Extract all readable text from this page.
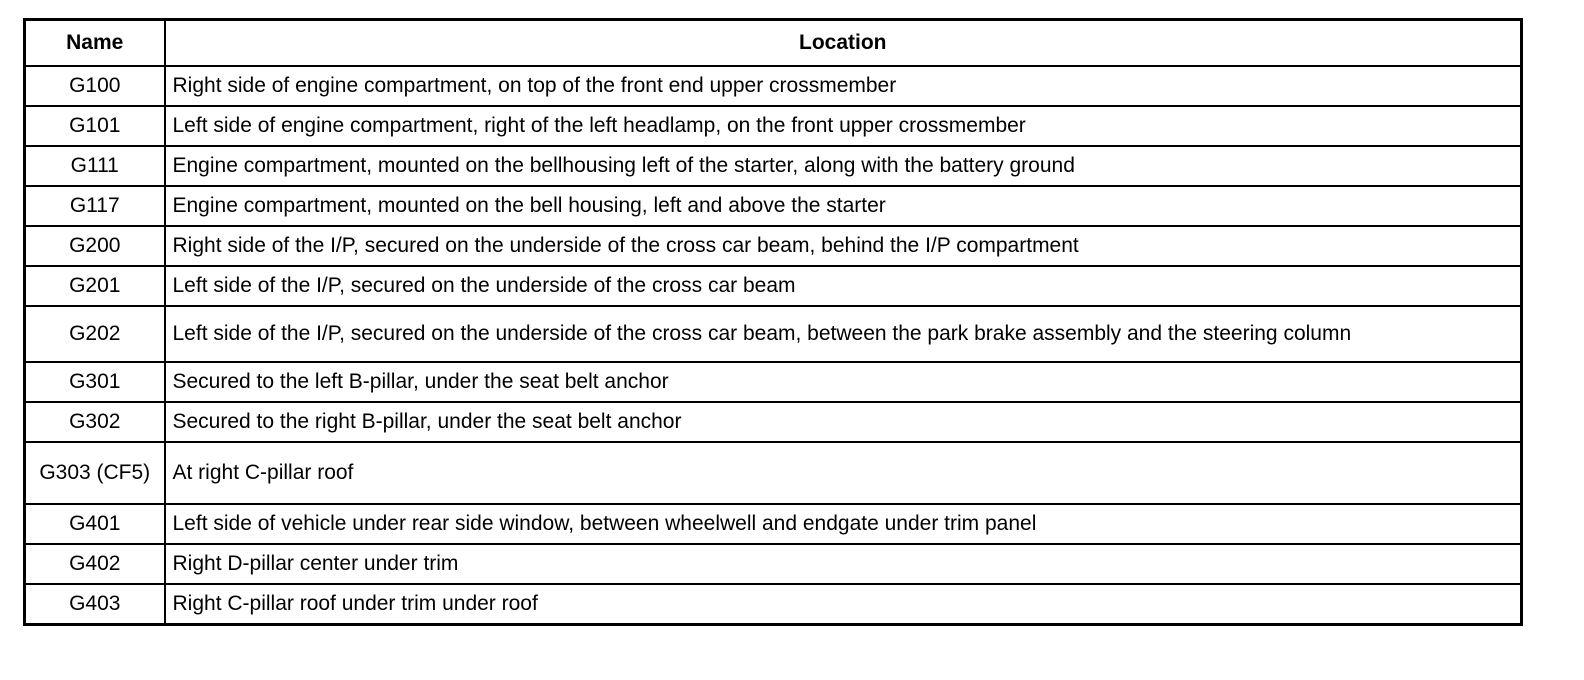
Name	Location
G100	Right side of engine compartment, on top of the front end upper crossmember
G101	Left side of engine compartment, right of the left headlamp, on the front upper crossmember
G111	Engine compartment, mounted on the bellhousing left of the starter, along with the battery ground
G117	Engine compartment, mounted on the bell housing, left and above the starter
G200	Right side of the I/P, secured on the underside of the cross car beam, behind the I/P compartment
G201	Left side of the I/P, secured on the underside of the cross car beam
G202	Left side of the I/P, secured on the underside of the cross car beam, between the park brake assembly and the steering column
G301	Secured to the left B-pillar, under the seat belt anchor
G302	Secured to the right B-pillar, under the seat belt anchor
G303 (CF5)	At right C-pillar roof
G401	Left side of vehicle under rear side window, between wheelwell and endgate under trim panel
G402	Right D-pillar center under trim
G403	Right C-pillar roof under trim under roof
